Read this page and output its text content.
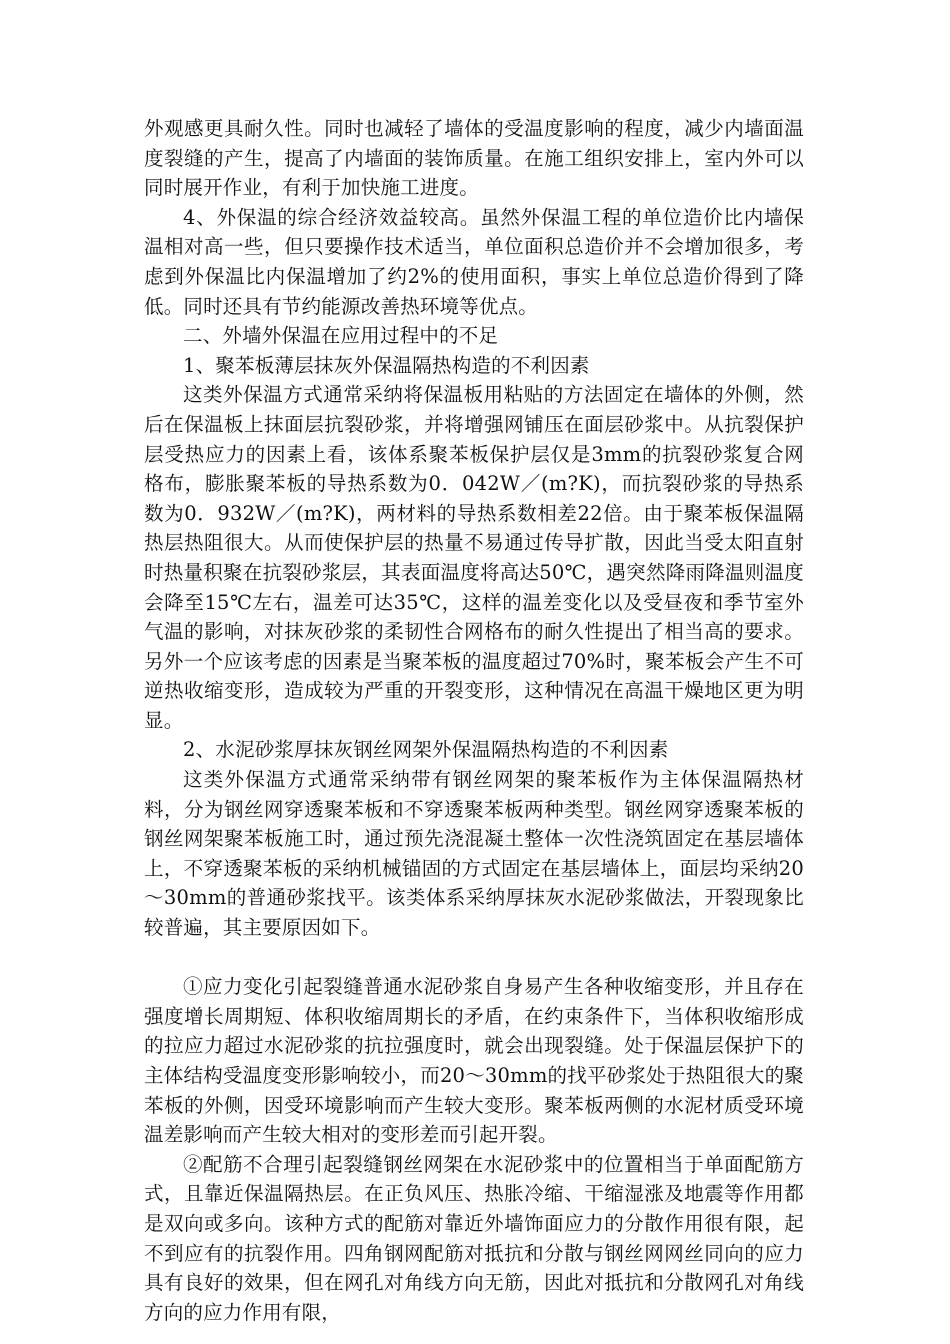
外观感更具耐久性。同时也减轻了墙体的受温度影响的程度，减少内墙面温度裂缝的产生，提高了内墙面的装饰质量。在施工组织安排上，室内外可以同时展开作业，有利于加快施工进度。

4、外保温的综合经济效益较高。虽然外保温工程的单位造价比内墙保温相对高一些，但只要操作技术适当，单位面积总造价并不会增加很多，考虑到外保温比内保温增加了约2%的使用面积，事实上单位总造价得到了降低。同时还具有节约能源改善热环境等优点。

二、外墙外保温在应用过程中的不足

1、聚苯板薄层抹灰外保温隔热构造的不利因素

这类外保温方式通常采纳将保温板用粘贴的方法固定在墙体的外侧，然后在保温板上抹面层抗裂砂浆，并将增强网铺压在面层砂浆中。从抗裂保护层受热应力的因素上看，该体系聚苯板保护层仅是3mm的抗裂砂浆复合网格布，膨胀聚苯板的导热系数为0．042W／(m?K)，而抗裂砂浆的导热系数为0．932W／(m?K)，两材料的导热系数相差22倍。由于聚苯板保温隔热层热阻很大。从而使保护层的热量不易通过传导扩散，因此当受太阳直射时热量积聚在抗裂砂浆层，其表面温度将高达50℃，遇突然降雨降温则温度会降至15℃左右，温差可达35℃，这样的温差变化以及受昼夜和季节室外气温的影响，对抹灰砂浆的柔韧性合网格布的耐久性提出了相当高的要求。另外一个应该考虑的因素是当聚苯板的温度超过70%时，聚苯板会产生不可逆热收缩变形，造成较为严重的开裂变形，这种情况在高温干燥地区更为明显。

2、水泥砂浆厚抹灰钢丝网架外保温隔热构造的不利因素

这类外保温方式通常采纳带有钢丝网架的聚苯板作为主体保温隔热材料，分为钢丝网穿透聚苯板和不穿透聚苯板两种类型。钢丝网穿透聚苯板的钢丝网架聚苯板施工时，通过预先浇混凝土整体一次性浇筑固定在基层墙体上，不穿透聚苯板的采纳机械锚固的方式固定在基层墙体上，面层均采纳20～30mm的普通砂浆找平。该类体系采纳厚抹灰水泥砂浆做法，开裂现象比较普遍，其主要原因如下。

①应力变化引起裂缝普通水泥砂浆自身易产生各种收缩变形，并且存在强度增长周期短、体积收缩周期长的矛盾，在约束条件下，当体积收缩形成的拉应力超过水泥砂浆的抗拉强度时，就会出现裂缝。处于保温层保护下的主体结构受温度变形影响较小，而20～30mm的找平砂浆处于热阻很大的聚苯板的外侧，因受环境影响而产生较大变形。聚苯板两侧的水泥材质受环境温差影响而产生较大相对的变形差而引起开裂。

②配筋不合理引起裂缝钢丝网架在水泥砂浆中的位置相当于单面配筋方式，且靠近保温隔热层。在正负风压、热胀冷缩、干缩湿涨及地震等作用都是双向或多向。该种方式的配筋对靠近外墙饰面应力的分散作用很有限，起不到应有的抗裂作用。四角钢网配筋对抵抗和分散与钢丝网网丝同向的应力具有良好的效果，但在网孔对角线方向无筋，因此对抵抗和分散网孔对角线方向的应力作用有限，
